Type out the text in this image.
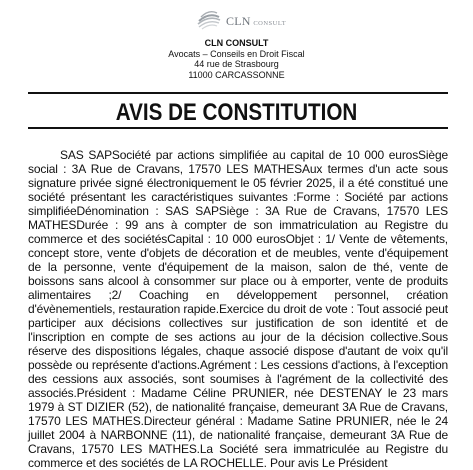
CLN CONSULT
CLN CONSULT
Avocats – Conseils en Droit Fiscal
44 rue de Strasbourg
11000 CARCASSONNE
AVIS DE CONSTITUTION

SAS SAPSociété par actions simplifiée au capital de 10 000 eurosSiège social : 3A Rue de Cravans, 17570 LES MATHESAux termes d'un acte sous signature privée signé électroniquement le 05 février 2025, il a été constitué une société présentant les caractéristiques suivantes :Forme : Société par actions simplifiéeDénomination : SAS SAPSiège : 3A Rue de Cravans, 17570 LES MATHESDurée : 99 ans à compter de son immatriculation au Registre du commerce et des sociétésCapital : 10 000 eurosObjet : 1/ Vente de vêtements, concept store, vente d'objets de décoration et de meubles, vente d'équipement de la personne, vente d'équipement de la maison, salon de thé, vente de boissons sans alcool à consommer sur place ou à emporter, vente de produits alimentaires ;2/ Coaching en développement personnel, création d'évènementiels, restauration rapide.Exercice du droit de vote : Tout associé peut participer aux décisions collectives sur justification de son identité et de l'inscription en compte de ses actions au jour de la décision collective.Sous réserve des dispositions légales, chaque associé dispose d'autant de voix qu'il possède ou représente d'actions.Agrément : Les cessions d'actions, à l'exception des cessions aux associés, sont soumises à l'agrément de la collectivité des associés.Président : Madame Céline PRUNIER, née DESTENAY le 23 mars 1979 à ST DIZIER (52), de nationalité française, demeurant 3A Rue de Cravans, 17570 LES MATHES.Directeur général : Madame Satine PRUNIER, née le 24 juillet 2004 à NARBONNE (11), de nationalité française, demeurant 3A Rue de Cravans, 17570 LES MATHES.La Société sera immatriculée au Registre du commerce et des sociétés de LA ROCHELLE. Pour avis Le Président
